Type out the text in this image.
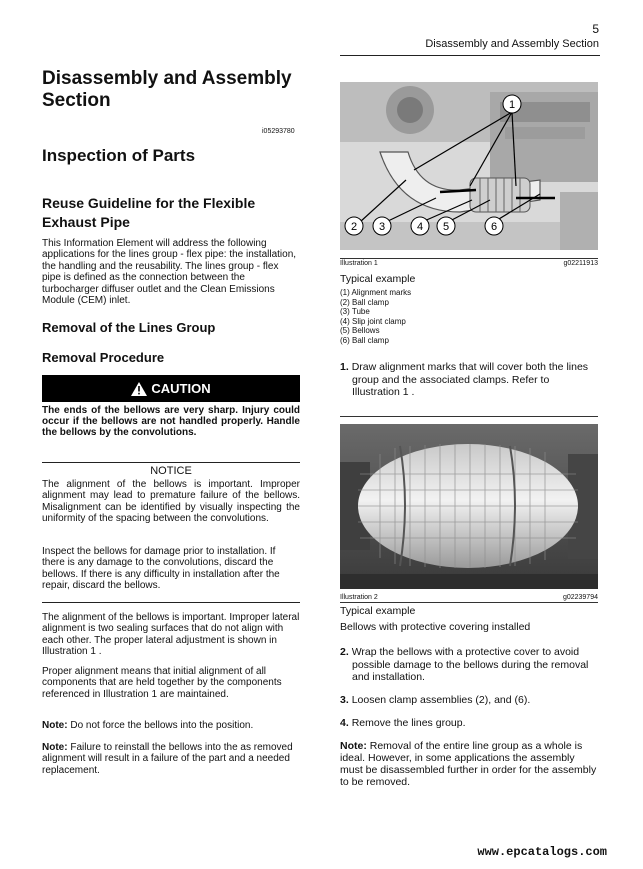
5
Disassembly and Assembly Section
Disassembly and Assembly Section
i05293780
Inspection of Parts
Reuse Guideline for the Flexible Exhaust Pipe
This Information Element will address the following applications for the lines group - flex pipe: the installation, the handling and the reusability. The lines group - flex pipe is defined as the connection between the turbocharger diffuser outlet and the Clean Emissions Module (CEM) inlet.
Removal of the Lines Group
Removal Procedure
CAUTION
The ends of the bellows are very sharp. Injury could occur if the bellows are not handled properly. Handle the bellows by the convolutions.
NOTICE
The alignment of the bellows is important. Improper alignment may lead to premature failure of the bellows. Misalignment can be identified by visually inspecting the uniformity of the spacing between the convolutions.
Inspect the bellows for damage prior to installation. If there is any damage to the convolutions, discard the bellows. If there is any difficulty in installation after the repair, discard the bellows.
The alignment of the bellows is important. Improper lateral alignment is two sealing surfaces that do not align with each other. The proper lateral adjustment is shown in Illustration 1 .
Proper alignment means that initial alignment of all components that are held together by the components referenced in Illustration 1 are maintained.
Note: Do not force the bellows into the position.
Note: Failure to reinstall the bellows into the as removed alignment will result in a failure of the part and a needed replacement.
1
2 3	4 5	6
Illustration 1	g02211913
Typical example
(1) Alignment marks
(2) Ball clamp
(3) Tube
(4) Slip joint clamp
(5) Bellows
(6) Ball clamp
1. Draw alignment marks that will cover both the lines group and the associated clamps. Refer to Illustration 1 .
Illustration 2	g02239794
Typical example
Bellows with protective covering installed
2. Wrap the bellows with a protective cover to avoid possible damage to the bellows during the removal and installation.
3. Loosen clamp assemblies (2), and (6).
4. Remove the lines group.
Note: Removal of the entire line group as a whole is ideal. However, in some applications the assembly must be disassembled further in order for the assembly to be removed.
www.epcatalogs.com
